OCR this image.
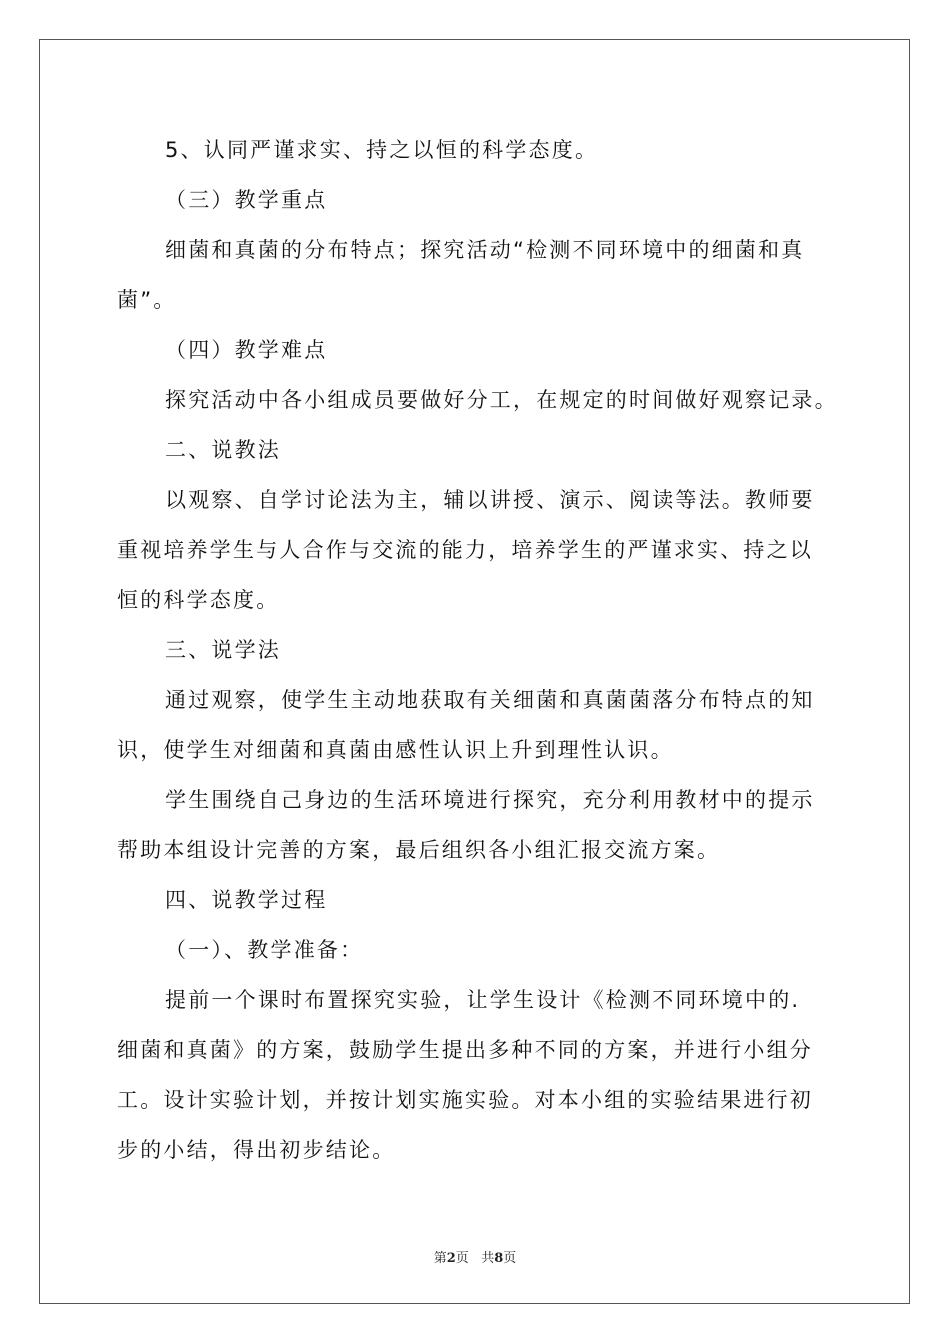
5、认同严谨求实、持之以恒的科学态度。
（三）教学重点
细菌和真菌的分布特点；探究活动“检测不同环境中的细菌和真
菌”。
（四）教学难点
探究活动中各小组成员要做好分工，在规定的时间做好观察记录。
二、说教法
以观察、自学讨论法为主，辅以讲授、演示、阅读等法。教师要
重视培养学生与人合作与交流的能力，培养学生的严谨求实、持之以
恒的科学态度。
三、说学法
通过观察，使学生主动地获取有关细菌和真菌菌落分布特点的知
识，使学生对细菌和真菌由感性认识上升到理性认识。
学生围绕自己身边的生活环境进行探究，充分利用教材中的提示
帮助本组设计完善的方案，最后组织各小组汇报交流方案。
四、说教学过程
（一）、教学准备：
提前一个课时布置探究实验，让学生设计《检测不同环境中的.
细菌和真菌》的方案，鼓励学生提出多种不同的方案，并进行小组分
工。设计实验计划，并按计划实施实验。对本小组的实验结果进行初
步的小结，得出初步结论。
第2页 共8页
